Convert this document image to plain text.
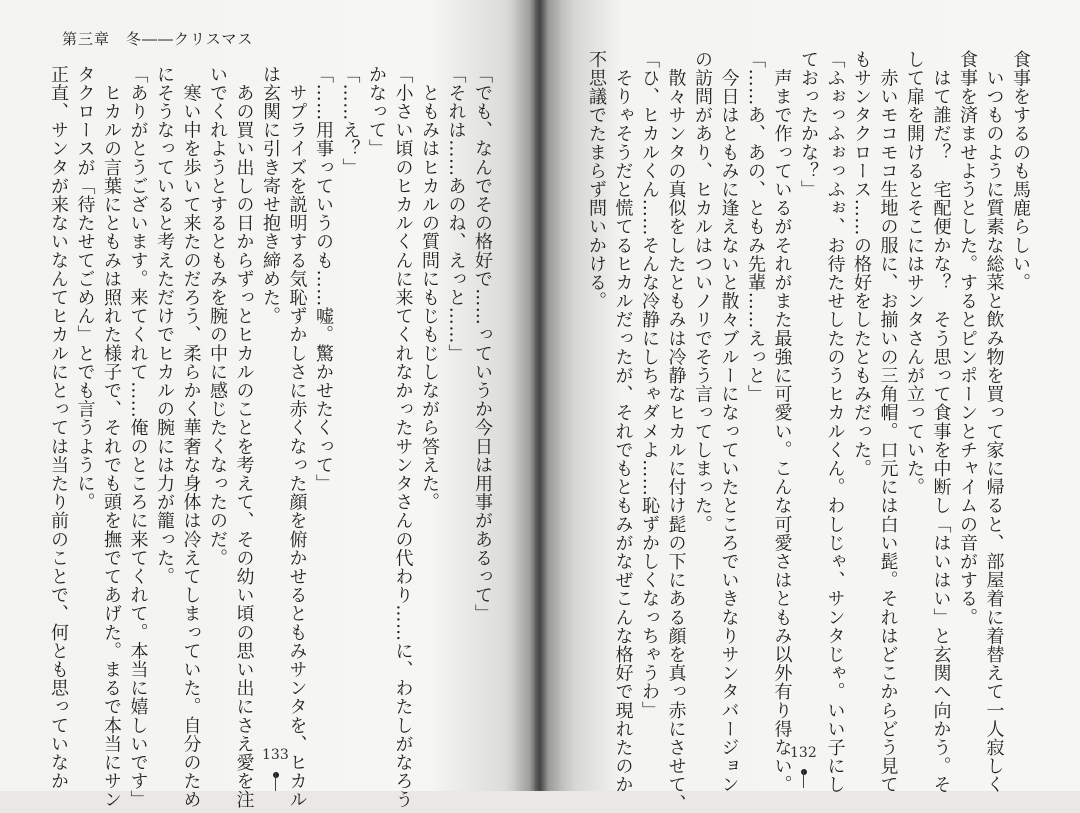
第三章　冬――クリスマス
「でも、なんでその格好で……っていうか今日は用事があるって」
「それは……あのね、えっと……」
　ともみはヒカルの質問にもじもじしながら答えた。
「小さい頃のヒカルくんに来てくれなかったサンタさんの代わり……に、わたしがなろう
かなって」
「……え？」
「……用事っていうのも……嘘。驚かせたくって」
　サプライズを説明する気恥ずかしさに赤くなった顔を俯かせるともみサンタを、ヒカル
は玄関に引き寄せ抱き締めた。
　あの買い出しの日からずっとヒカルのことを考えて、その幼い頃の思い出にさえ愛を注
いでくれようとするともみを腕の中に感じたくなったのだ。
　寒い中を歩いて来たのだろう、柔らかく華奢な身体は冷えてしまっていた。自分のため
にそうなっていると考えただけでヒカルの腕には力が籠った。
「ありがとうございます。来てくれて……俺のところに来てくれて。本当に嬉しいです」
　ヒカルの言葉にともみは照れた様子で、それでも頭を撫でてあげた。まるで本当にサン
タクロースが「待たせてごめん」とでも言うように。
正直、サンタが来ないなんてヒカルにとっては当たり前のことで、何とも思っていなか	133
食事をするのも馬鹿らしい。
　いつものように質素な総菜と飲み物を買って家に帰ると、部屋着に着替えて一人寂しく
食事を済ませようとした。するとピンポーンとチャイムの音がする。
　はて誰だ？　宅配便かな？　そう思って食事を中断し「はいはい」と玄関へ向かう。そ
して扉を開けるとそこにはサンタさんが立っていた。
　赤いモコモコ生地の服に、お揃いの三角帽。口元には白い髭。それはどこからどう見て
もサンタクロース……の格好をしたともみだった。
「ふぉっふぉっふぉ、お待たせしたのうヒカルくん。わしじゃ、サンタじゃ。いい子にし
ておったかな？」
　声まで作っているがそれがまた最強に可愛い。こんな可愛さはともみ以外有り得ない。
「……あ、あの、ともみ先輩……えっと」
　今日はともみに逢えないと散々ブルーになっていたところでいきなりサンタバージョン
の訪問があり、ヒカルはついノリでそう言ってしまった。
　散々サンタの真似をしたともみは冷静なヒカルに付け髭の下にある顔を真っ赤にさせて、
「ひ、ヒカルくん……そんな冷静にしちゃダメよ……恥ずかしくなっちゃうわ」
　そりゃそうだと慌てるヒカルだったが、それでもともみがなぜこんな格好で現れたのか
不思議でたまらず問いかける。
132
